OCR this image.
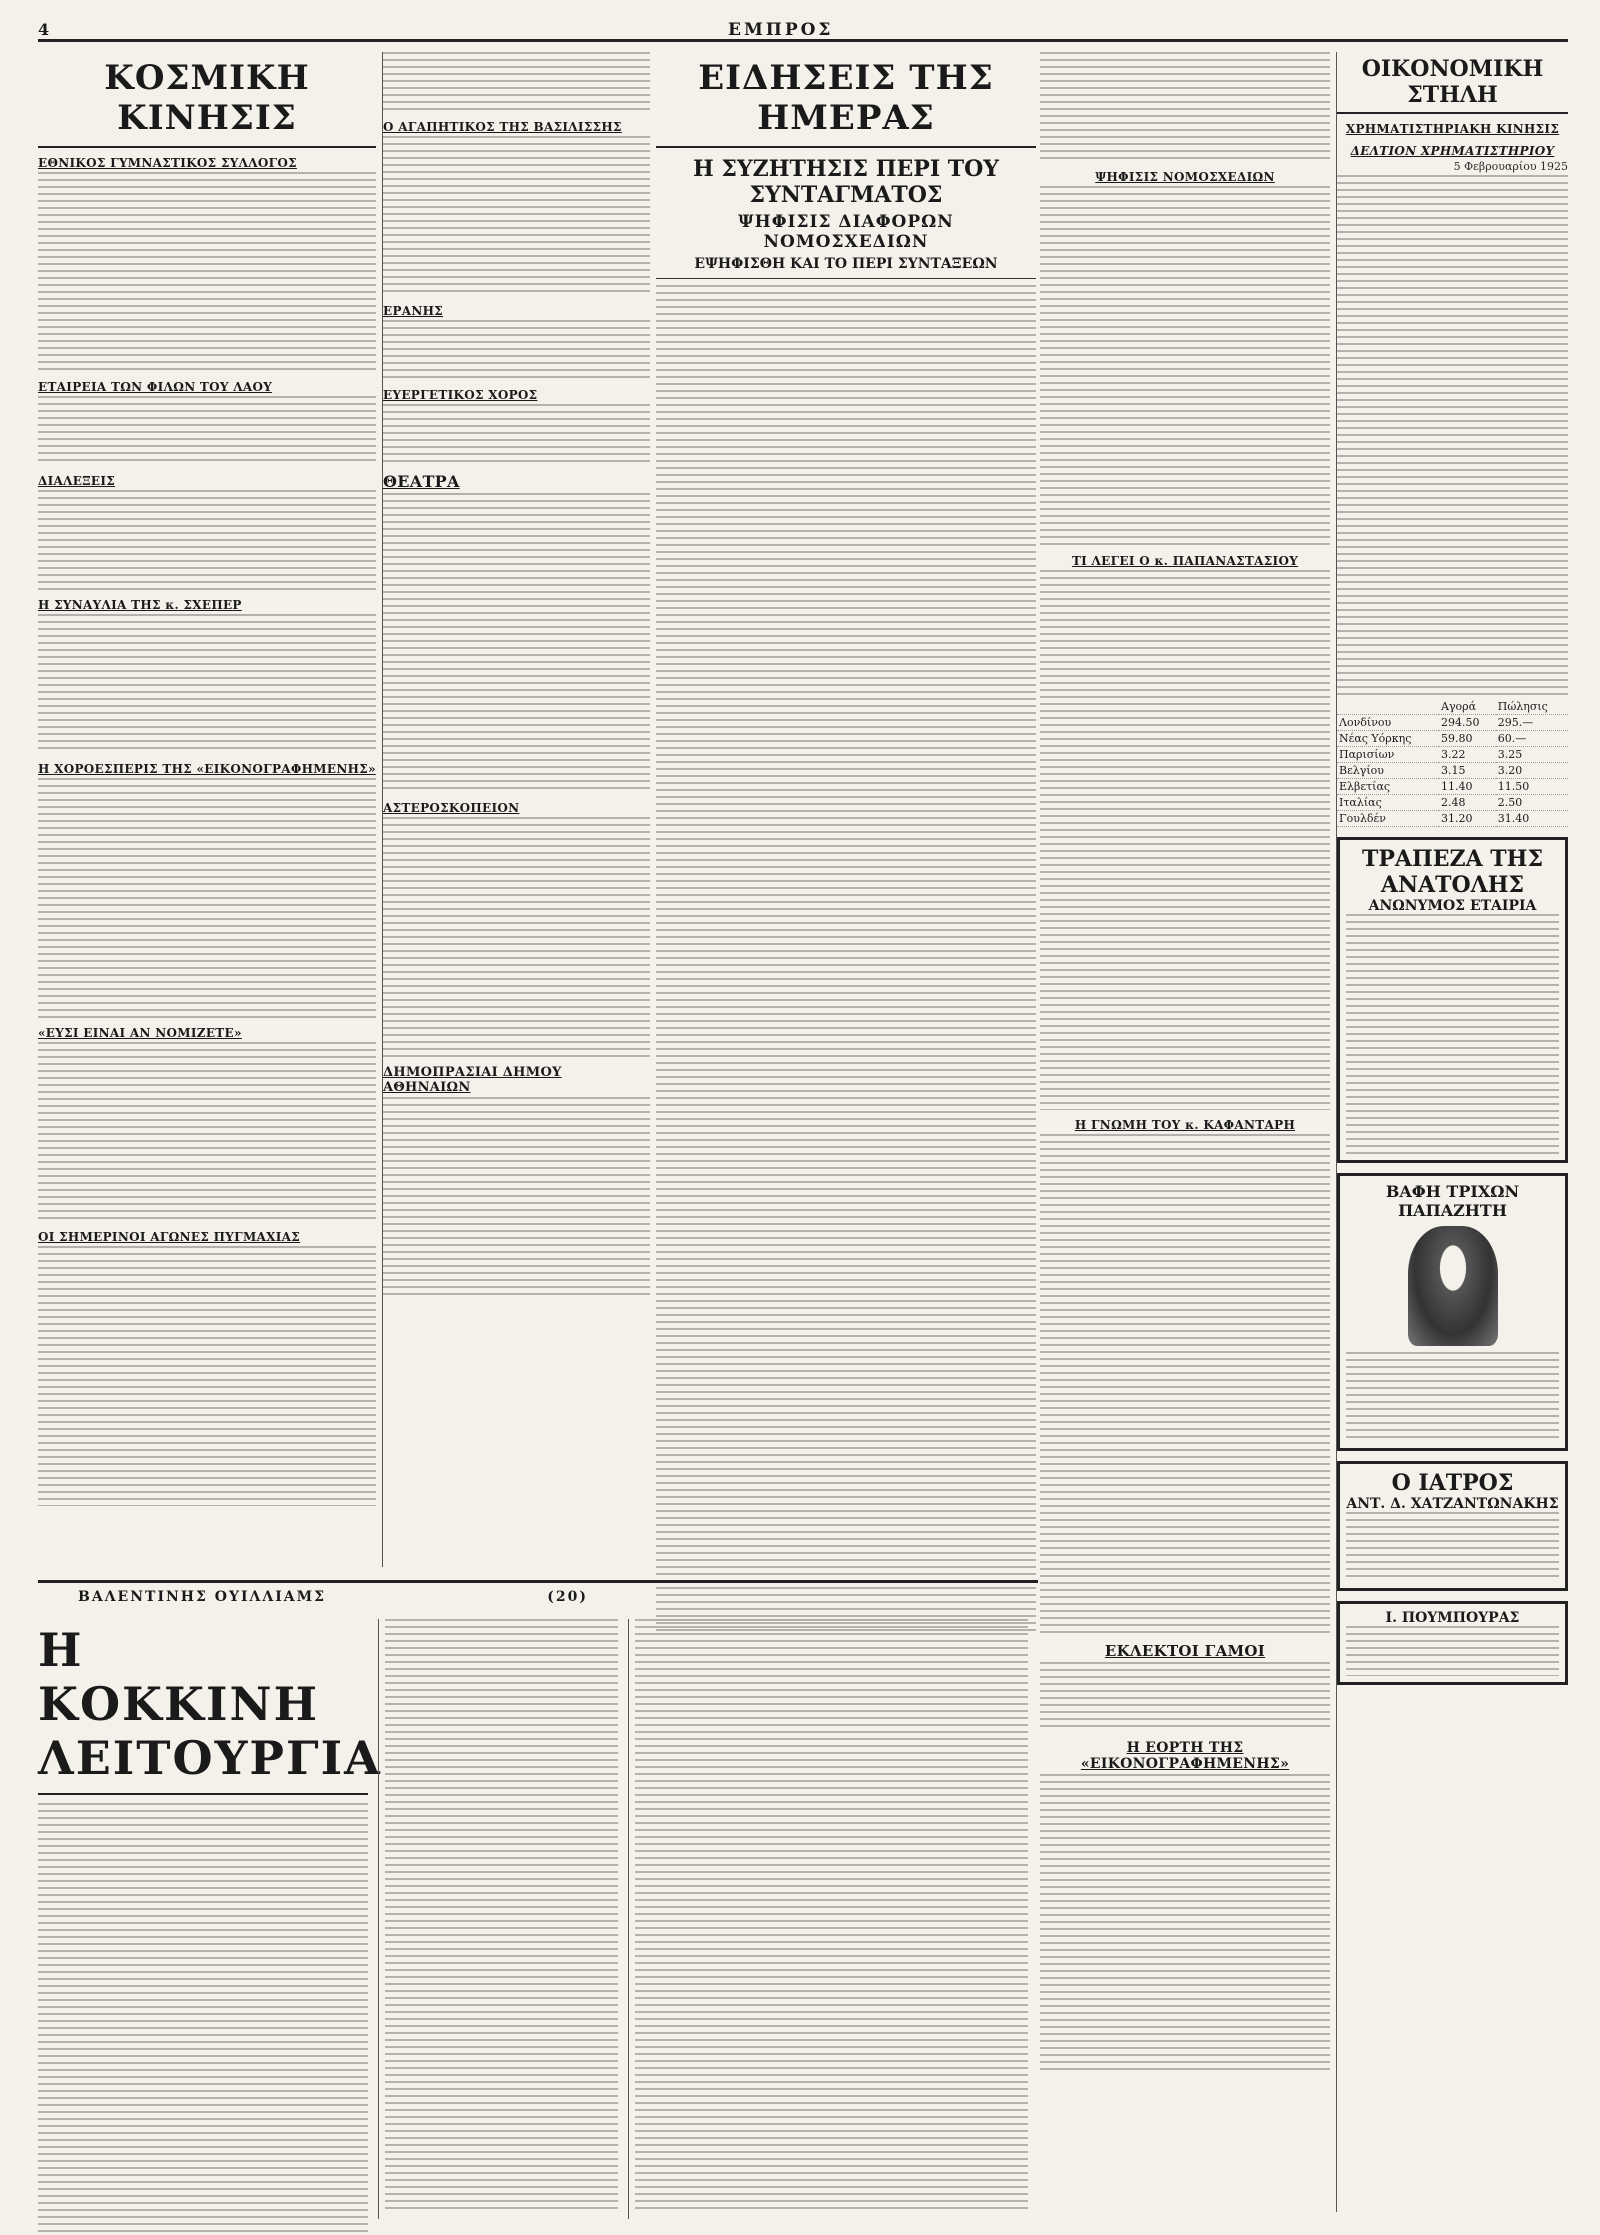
4	ΕΜΠΡΟΣ
ΚΟΣΜΙΚΗ ΚΙΝΗΣΙΣ
ΕΘΝΙΚΟΣ ΓΥΜΝΑΣΤΙΚΟΣ ΣΥΛΛΟΓΟΣ
ΕΤΑΙΡΕΙΑ ΤΩΝ ΦΙΛΩΝ ΤΟΥ ΛΑΟΥ
ΔΙΑΛΕΞΕΙΣ
Η ΣΥΝΑΥΛΙΑ ΤΗΣ κ. ΣΧΕΠΕΡ
Η ΧΟΡΟΕΣΠΕΡΙΣ ΤΗΣ «ΕΙΚΟΝΟΓΡΑΦΗΜΕΝΗΣ»
«ΕΥΣΙ ΕΙΝΑΙ ΑΝ ΝΟΜΙΖΕΤΕ»
ΟΙ ΣΗΜΕΡΙΝΟΙ ΑΓΩΝΕΣ ΠΥΓΜΑΧΙΑΣ
Ο ΑΓΑΠΗΤΙΚΟΣ ΤΗΣ ΒΑΣΙΛΙΣΣΗΣ
ΕΡΑΝΗΣ
ΕΥΕΡΓΕΤΙΚΟΣ ΧΟΡΟΣ
ΘΕΑΤΡΑ
ΑΣΤΕΡΟΣΚΟΠΕΙΟΝ
ΔΗΜΟΠΡΑΣΙΑΙ ΔΗΜΟΥ ΑΘΗΝΑΙΩΝ
ΕΙΔΗΣΕΙΣ ΤΗΣ ΗΜΕΡΑΣ
Η ΣΥΖΗΤΗΣΙΣ ΠΕΡΙ ΤΟΥ ΣΥΝΤΑΓΜΑΤΟΣ
ΨΗΦΙΣΙΣ ΔΙΑΦΟΡΩΝ ΝΟΜΟΣΧΕΔΙΩΝ
ΕΨΗΦΙΣΘΗ ΚΑΙ ΤΟ ΠΕΡΙ ΣΥΝΤΑΞΕΩΝ
ΨΗΦΙΣΙΣ ΝΟΜΟΣΧΕΔΙΩΝ
ΤΙ ΛΕΓΕΙ Ο κ. ΠΑΠΑΝΑΣΤΑΣΙΟΥ
Η ΓΝΩΜΗ ΤΟΥ κ. ΚΑΦΑΝΤΑΡΗ
ΕΚΛΕΚΤΟΙ ΓΑΜΟΙ
Η ΕΟΡΤΗ ΤΗΣ «ΕΙΚΟΝΟΓΡΑΦΗΜΕΝΗΣ»
ΟΙΚΟΝΟΜΙΚΗ ΣΤΗΛΗ
ΧΡΗΜΑΤΙΣΤΗΡΙΑΚΗ ΚΙΝΗΣΙΣ
ΔΕΛΤΙΟΝ ΧΡΗΜΑΤΙΣΤΗΡΙΟΥ
5 Φεβρουαρίου 1925
	Αγορά	Πώλησις
Λονδίνου	294.50	295.—
Νέας Υόρκης	59.80	60.—
Παρισίων	3.22	3.25
Βελγίου	3.15	3.20
Ελβετίας	11.40	11.50
Ιταλίας	2.48	2.50
Γουλδέν	31.20	31.40
ΤΡΑΠΕΖΑ ΤΗΣ ΑΝΑΤΟΛΗΣ
ΑΝΩΝΥΜΟΣ ΕΤΑΙΡΙΑ
ΒΑΦΗ ΤΡΙΧΩΝ ΠΑΠΑΖΗΤΗ
Ο ΙΑΤΡΟΣ
ΑΝΤ. Δ. ΧΑΤΖΑΝΤΩΝΑΚΗΣ
Ι. ΠΟΥΜΠΟΥΡΑΣ
ΒΑΛΕΝΤΙΝΗΣ ΟΥΙΛΛΙΑΜΣ	(20)
Η ΚΟΚΚΙΝΗ ΛΕΙΤΟΥΡΓΙΑ
